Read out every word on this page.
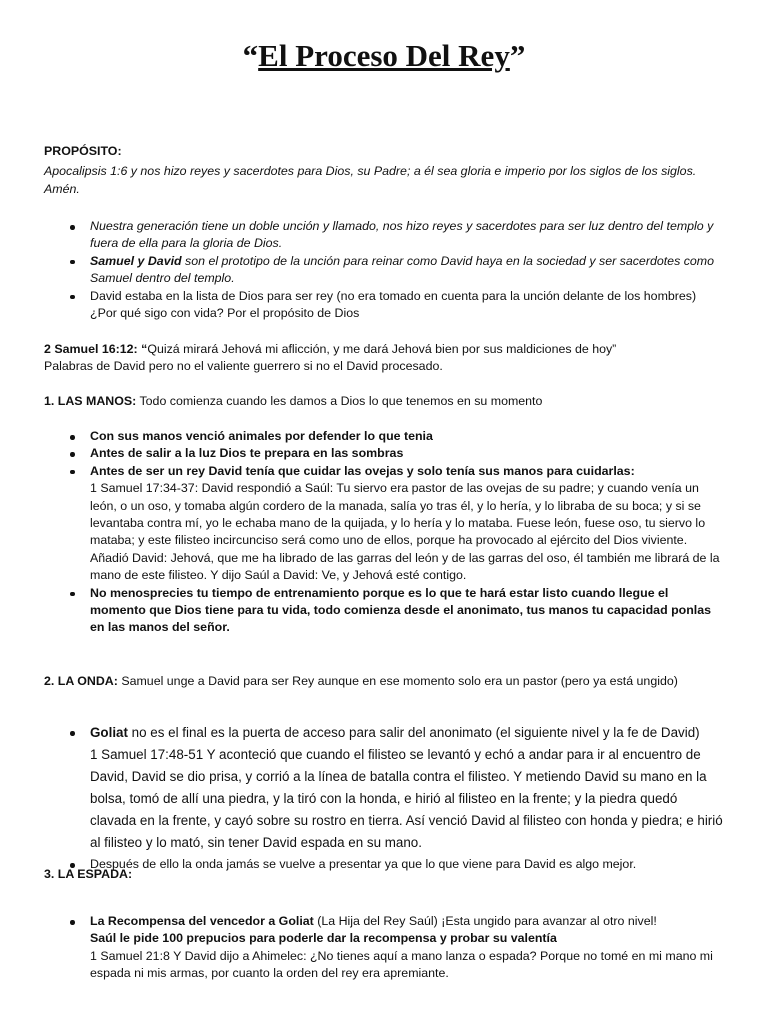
“El Proceso Del Rey”

PROPÓSITO:

Apocalipsis 1:6 y nos hizo reyes y sacerdotes para Dios, su Padre; a él sea gloria e imperio por los siglos de los siglos. Amén.

Nuestra generación tiene un doble unción y llamado, nos hizo reyes y sacerdotes para ser luz dentro del templo y fuera de ella para la gloria de Dios.
Samuel y David son el prototipo de la unción para reinar como David haya en la sociedad y ser sacerdotes como Samuel dentro del templo.
David estaba en la lista de Dios para ser rey (no era tomado en cuenta para la unción delante de los hombres) ¿Por qué sigo con vida? Por el propósito de Dios

2 Samuel 16:12: “Quizá mirará Jehová mi aflicción, y me dará Jehová bien por sus maldiciones de hoy”

Palabras de David pero no el valiente guerrero si no el David procesado.

1. LAS MANOS: Todo comienza cuando les damos a Dios lo que tenemos en su momento

Con sus manos venció animales por defender lo que tenia
Antes de salir a la luz Dios te prepara en las sombras
Antes de ser un rey David tenía que cuidar las ovejas y solo tenía sus manos para cuidarlas:
1 Samuel 17:34-37: David respondió a Saúl: Tu siervo era pastor de las ovejas de su padre; y cuando venía un león, o un oso, y tomaba algún cordero de la manada, salía yo tras él, y lo hería, y lo libraba de su boca; y si se levantaba contra mí, yo le echaba mano de la quijada, y lo hería y lo mataba. Fuese león, fuese oso, tu siervo lo mataba; y este filisteo incircunciso será como uno de ellos, porque ha provocado al ejército del Dios viviente. Añadió David: Jehová, que me ha librado de las garras del león y de las garras del oso, él también me librará de la mano de este filisteo. Y dijo Saúl a David: Ve, y Jehová esté contigo.
No menosprecies tu tiempo de entrenamiento porque es lo que te hará estar listo cuando llegue el momento que Dios tiene para tu vida, todo comienza desde el anonimato, tus manos tu capacidad ponlas en las manos del señor.

2. LA ONDA: Samuel unge a David para ser Rey aunque en ese momento solo era un pastor (pero ya está ungido)

Goliat no es el final es la puerta de acceso para salir del anonimato (el siguiente nivel y la fe de David)
1 Samuel 17:48-51 Y aconteció que cuando el filisteo se levantó y echó a andar para ir al encuentro de David, David se dio prisa, y corrió a la línea de batalla contra el filisteo. Y metiendo David su mano en la bolsa, tomó de allí una piedra, y la tiró con la honda, e hirió al filisteo en la frente; y la piedra quedó clavada en la frente, y cayó sobre su rostro en tierra. Así venció David al filisteo con honda y piedra; e hirió al filisteo y lo mató, sin tener David espada en su mano.
Después de ello la onda jamás se vuelve a presentar ya que lo que viene para David es algo mejor.

3. LA ESPADA:

La Recompensa del vencedor a Goliat (La Hija del Rey Saúl) ¡Esta ungido para avanzar al otro nivel!
Saúl le pide 100 prepucios para poderle dar la recompensa y probar su valentía
1 Samuel 21:8 Y David dijo a Ahimelec: ¿No tienes aquí a mano lanza o espada? Porque no tomé en mi mano mi espada ni mis armas, por cuanto la orden del rey era apremiante.
